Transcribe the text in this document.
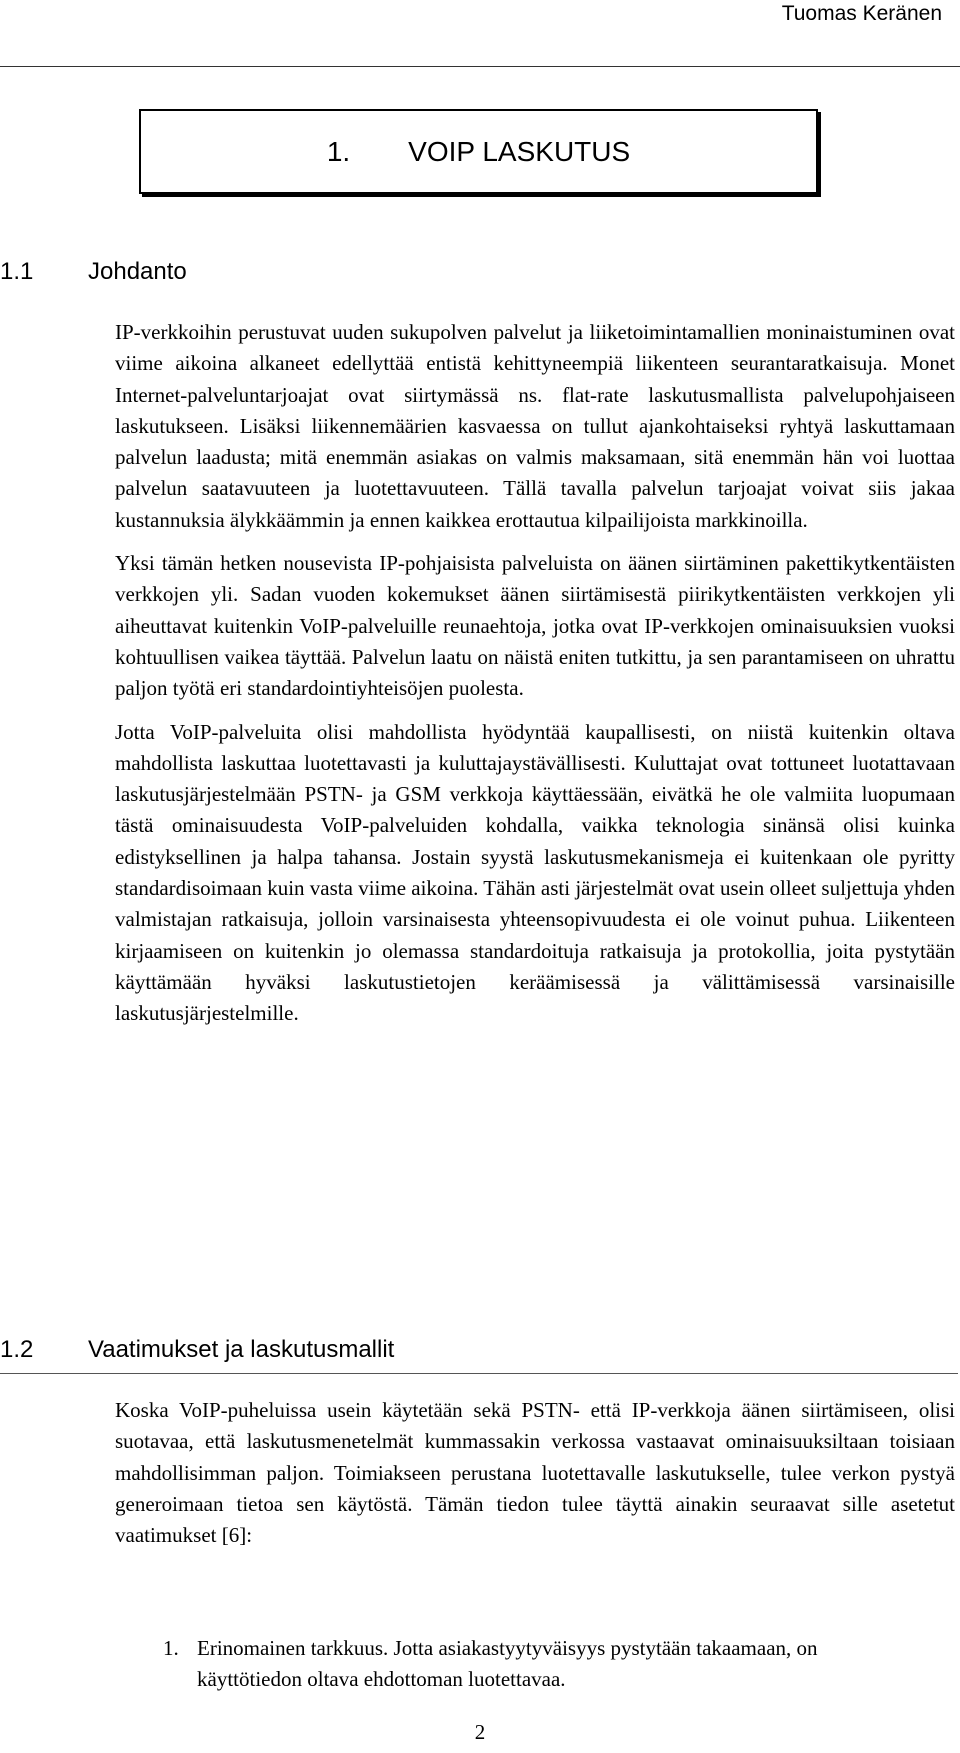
Tuomas Keränen
1. VOIP LASKUTUS
1.1 Johdanto

IP-verkkoihin perustuvat uuden sukupolven palvelut ja liiketoimintamallien moninaistuminen ovat viime aikoina alkaneet edellyttää entistä kehittyneempiä liikenteen seurantaratkaisuja. Monet Internet-palveluntarjoajat ovat siirtymässä ns. flat-rate laskutusmallista palvelupohjaiseen laskutukseen. Lisäksi liikennemäärien kasvaessa on tullut ajankohtaiseksi ryhtyä laskuttamaan palvelun laadusta; mitä enemmän asiakas on valmis maksamaan, sitä enemmän hän voi luottaa palvelun saatavuuteen ja luotettavuuteen. Tällä tavalla palvelun tarjoajat voivat siis jakaa kustannuksia älykkäämmin ja ennen kaikkea erottautua kilpailijoista markkinoilla.

Yksi tämän hetken nousevista IP-pohjaisista palveluista on äänen siirtäminen pakettikytkentäisten verkkojen yli. Sadan vuoden kokemukset äänen siirtämisestä piirikytkentäisten verkkojen yli aiheuttavat kuitenkin VoIP-palveluille reunaehtoja, jotka ovat IP-verkkojen ominaisuuksien vuoksi kohtuullisen vaikea täyttää. Palvelun laatu on näistä eniten tutkittu, ja sen parantamiseen on uhrattu paljon työtä eri standardointiyhteisöjen puolesta.

Jotta VoIP-palveluita olisi mahdollista hyödyntää kaupallisesti, on niistä kuitenkin oltava mahdollista laskuttaa luotettavasti ja kuluttajaystävällisesti. Kuluttajat ovat tottuneet luotattavaan laskutusjärjestelmään PSTN- ja GSM verkkoja käyttäessään, eivätkä he ole valmiita luopumaan tästä ominaisuudesta VoIP-palveluiden kohdalla, vaikka teknologia sinänsä olisi kuinka edistyksellinen ja halpa tahansa. Jostain syystä laskutusmekanismeja ei kuitenkaan ole pyritty standardisoimaan kuin vasta viime aikoina. Tähän asti järjestelmät ovat usein olleet suljettuja yhden valmistajan ratkaisuja, jolloin varsinaisesta yhteensopivuudesta ei ole voinut puhua. Liikenteen kirjaamiseen on kuitenkin jo olemassa standardoituja ratkaisuja ja protokollia, joita pystytään käyttämään hyväksi laskutustietojen keräämisessä ja välittämisessä varsinaisille laskutusjärjestelmille.

1.2 Vaatimukset ja laskutusmallit

Koska VoIP-puheluissa usein käytetään sekä PSTN- että IP-verkkoja äänen siirtämiseen, olisi suotavaa, että laskutusmenetelmät kummassakin verkossa vastaavat ominaisuuksiltaan toisiaan mahdollisimman paljon. Toimiakseen perustana luotettavalle laskutukselle, tulee verkon pystyä generoimaan tietoa sen käytöstä. Tämän tiedon tulee täyttä ainakin seuraavat sille asetetut vaatimukset [6]:

1. Erinomainen tarkkuus. Jotta asiakastyytyväisyys pystytään takaamaan, on käyttötiedon oltava ehdottoman luotettavaa.
2
